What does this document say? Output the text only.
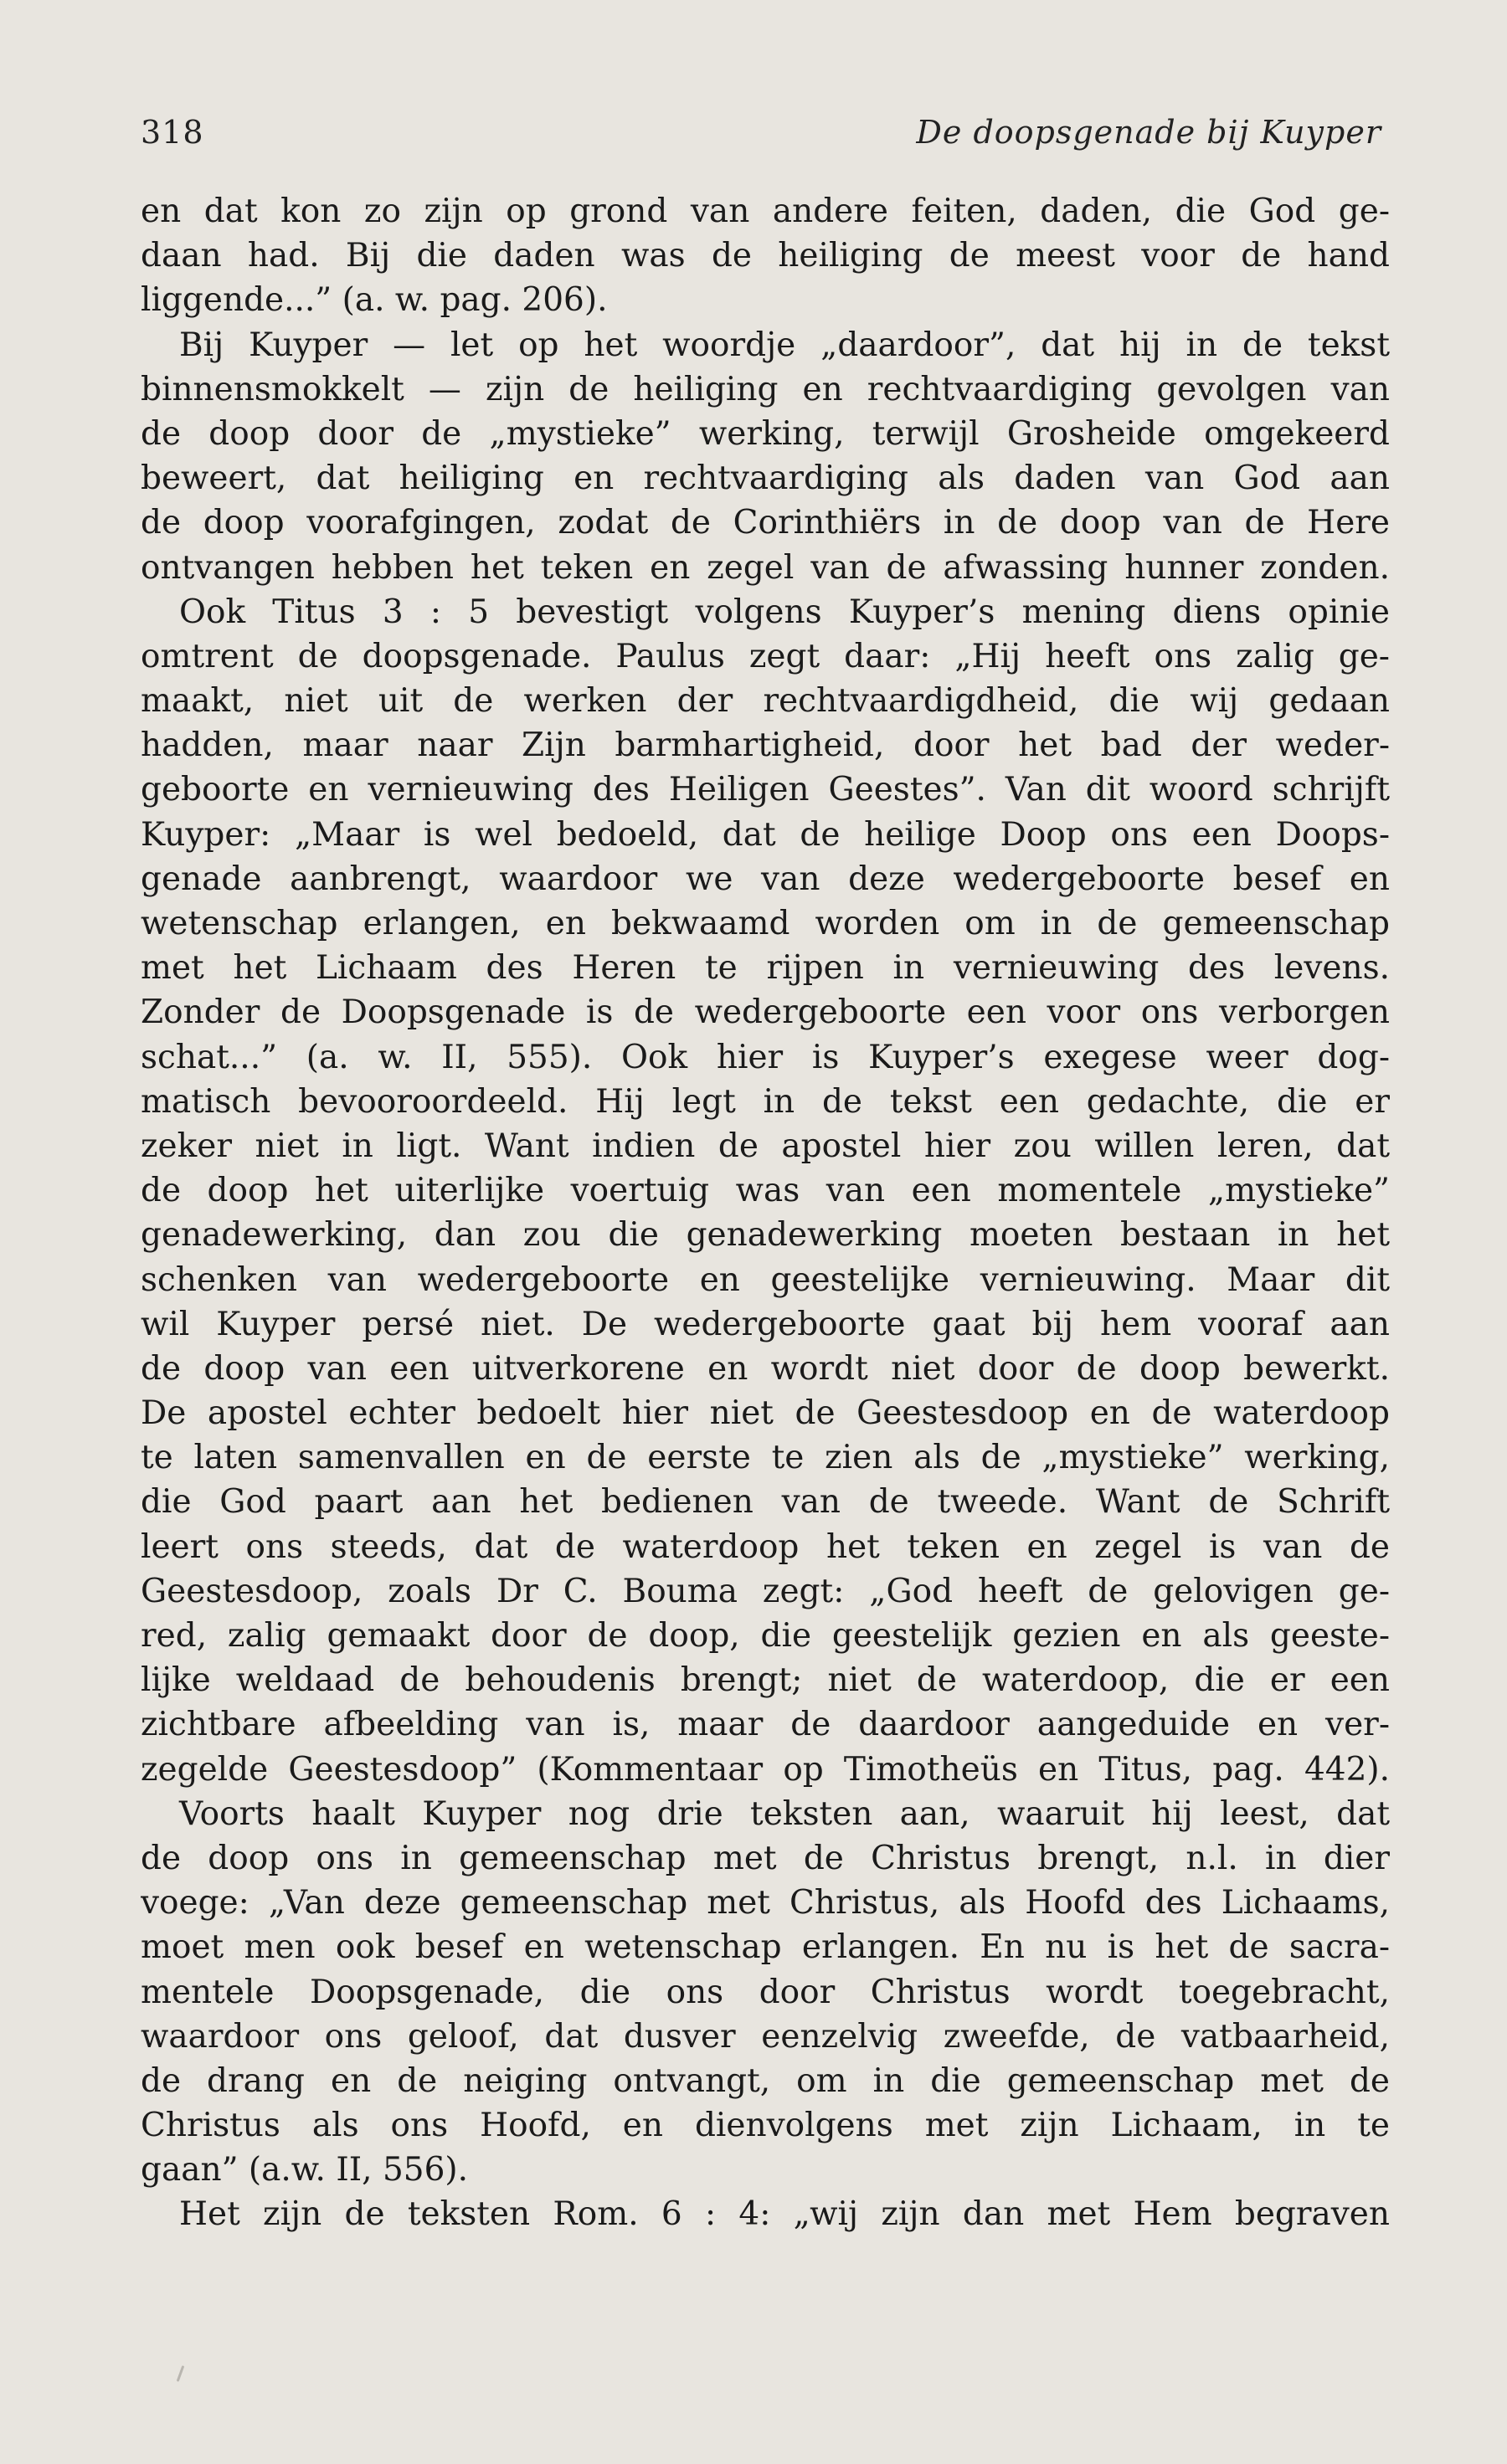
318	De doopsgenade bij Kuyper
en dat kon zo zijn op grond van andere feiten, daden, die God ge-
daan had. Bij die daden was de heiliging de meest voor de hand
liggende...” (a. w. pag. 206).
Bij Kuyper — let op het woordje „daardoor”, dat hij in de tekst
binnensmokkelt — zijn de heiliging en rechtvaardiging gevolgen van
de doop door de „mystieke” werking, terwijl Grosheide omgekeerd
beweert, dat heiliging en rechtvaardiging als daden van God aan
de doop voorafgingen, zodat de Corinthiërs in de doop van de Here
ontvangen hebben het teken en zegel van de afwassing hunner zonden.
Ook Titus 3 : 5 bevestigt volgens Kuyper’s mening diens opinie
omtrent de doopsgenade. Paulus zegt daar: „Hij heeft ons zalig ge-
maakt, niet uit de werken der rechtvaardigdheid, die wij gedaan
hadden, maar naar Zijn barmhartigheid, door het bad der weder-
geboorte en vernieuwing des Heiligen Geestes”. Van dit woord schrijft
Kuyper: „Maar is wel bedoeld, dat de heilige Doop ons een Doops-
genade aanbrengt, waardoor we van deze wedergeboorte besef en
wetenschap erlangen, en bekwaamd worden om in de gemeenschap
met het Lichaam des Heren te rijpen in vernieuwing des levens.
Zonder de Doopsgenade is de wedergeboorte een voor ons verborgen
schat...” (a. w. II, 555). Ook hier is Kuyper’s exegese weer dog-
matisch bevooroordeeld. Hij legt in de tekst een gedachte, die er
zeker niet in ligt. Want indien de apostel hier zou willen leren, dat
de doop het uiterlijke voertuig was van een momentele „mystieke”
genadewerking, dan zou die genadewerking moeten bestaan in het
schenken van wedergeboorte en geestelijke vernieuwing. Maar dit
wil Kuyper persé niet. De wedergeboorte gaat bij hem vooraf aan
de doop van een uitverkorene en wordt niet door de doop bewerkt.
De apostel echter bedoelt hier niet de Geestesdoop en de waterdoop
te laten samenvallen en de eerste te zien als de „mystieke” werking,
die God paart aan het bedienen van de tweede. Want de Schrift
leert ons steeds, dat de waterdoop het teken en zegel is van de
Geestesdoop, zoals Dr C. Bouma zegt: „God heeft de gelovigen ge-
red, zalig gemaakt door de doop, die geestelijk gezien en als geeste-
lijke weldaad de behoudenis brengt; niet de waterdoop, die er een
zichtbare afbeelding van is, maar de daardoor aangeduide en ver-
zegelde Geestesdoop” (Kommentaar op Timotheüs en Titus, pag. 442).
Voorts haalt Kuyper nog drie teksten aan, waaruit hij leest, dat
de doop ons in gemeenschap met de Christus brengt, n.l. in dier
voege: „Van deze gemeenschap met Christus, als Hoofd des Lichaams,
moet men ook besef en wetenschap erlangen. En nu is het de sacra-
mentele Doopsgenade, die ons door Christus wordt toegebracht,
waardoor ons geloof, dat dusver eenzelvig zweefde, de vatbaarheid,
de drang en de neiging ontvangt, om in die gemeenschap met de
Christus als ons Hoofd, en dienvolgens met zijn Lichaam, in te
gaan” (a.w. II, 556).
Het zijn de teksten Rom. 6 : 4: „wij zijn dan met Hem begraven
